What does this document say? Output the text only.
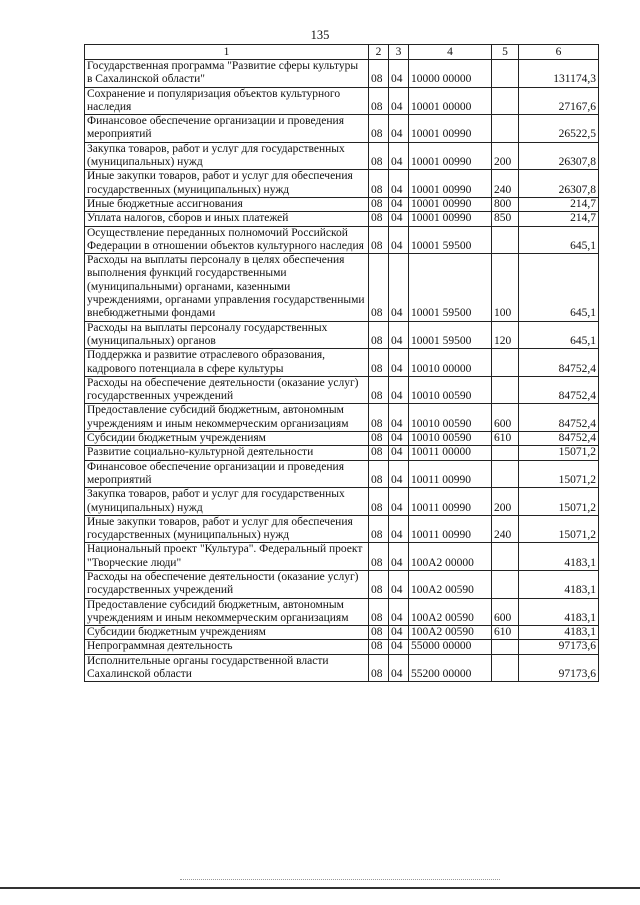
135
1	2	3	4	5	6
Государственная программа "Развитие сферы культуры в Сахалинской области"	08	04	10000 00000		131174,3
Сохранение и популяризация объектов культурного наследия	08	04	10001 00000		27167,6
Финансовое обеспечение организации и проведения мероприятий	08	04	10001 00990		26522,5
Закупка товаров, работ и услуг для государственных (муниципальных) нужд	08	04	10001 00990	200	26307,8
Иные закупки товаров, работ и услуг для обеспечения государственных (муниципальных) нужд	08	04	10001 00990	240	26307,8
Иные бюджетные ассигнования	08	04	10001 00990	800	214,7
Уплата налогов, сборов и иных платежей	08	04	10001 00990	850	214,7
Осуществление переданных полномочий Российской Федерации в отношении объектов культурного наследия	08	04	10001 59500		645,1
Расходы на выплаты персоналу в целях обеспечения выполнения функций государственными (муниципальными) органами, казенными учреждениями, органами управления государственными внебюджетными фондами	08	04	10001 59500	100	645,1
Расходы на выплаты персоналу государственных (муниципальных) органов	08	04	10001 59500	120	645,1
Поддержка и развитие отраслевого образования, кадрового потенциала в сфере культуры	08	04	10010 00000		84752,4
Расходы на обеспечение деятельности (оказание услуг) государственных учреждений	08	04	10010 00590		84752,4
Предоставление субсидий бюджетным, автономным учреждениям и иным некоммерческим организациям	08	04	10010 00590	600	84752,4
Субсидии бюджетным учреждениям	08	04	10010 00590	610	84752,4
Развитие социально-культурной деятельности	08	04	10011 00000		15071,2
Финансовое обеспечение организации и проведения мероприятий	08	04	10011 00990		15071,2
Закупка товаров, работ и услуг для государственных (муниципальных) нужд	08	04	10011 00990	200	15071,2
Иные закупки товаров, работ и услуг для обеспечения государственных (муниципальных) нужд	08	04	10011 00990	240	15071,2
Национальный проект "Культура". Федеральный проект "Творческие люди"	08	04	100А2 00000		4183,1
Расходы на обеспечение деятельности (оказание услуг) государственных учреждений	08	04	100А2 00590		4183,1
Предоставление субсидий бюджетным, автономным учреждениям и иным некоммерческим организациям	08	04	100А2 00590	600	4183,1
Субсидии бюджетным учреждениям	08	04	100А2 00590	610	4183,1
Непрограммная деятельность	08	04	55000 00000		97173,6
Исполнительные органы государственной власти Сахалинской области	08	04	55200 00000		97173,6
